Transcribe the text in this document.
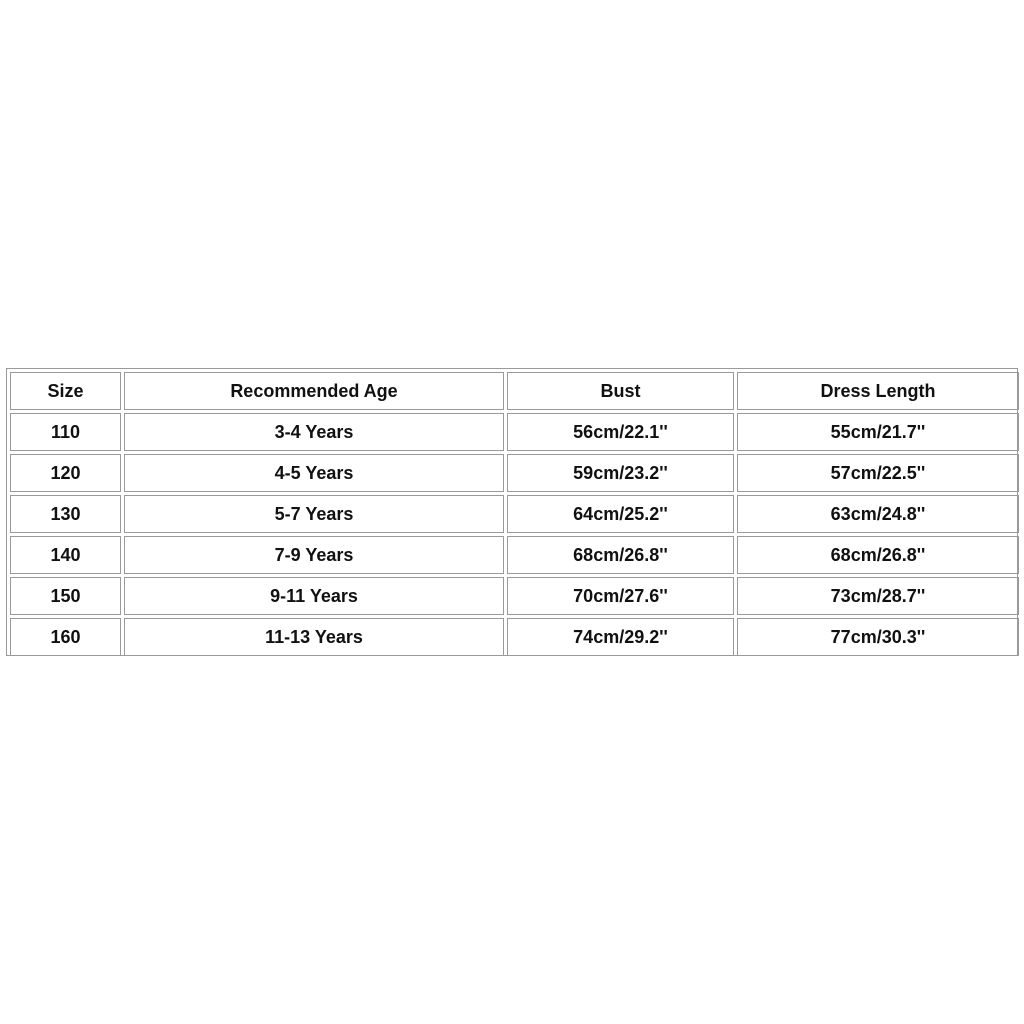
Size	Recommended Age	Bust	Dress Length
110	3-4 Years	56cm/22.1''	55cm/21.7''
120	4-5 Years	59cm/23.2''	57cm/22.5''
130	5-7 Years	64cm/25.2''	63cm/24.8''
140	7-9 Years	68cm/26.8''	68cm/26.8''
150	9-11 Years	70cm/27.6''	73cm/28.7''
160	11-13 Years	74cm/29.2''	77cm/30.3''
